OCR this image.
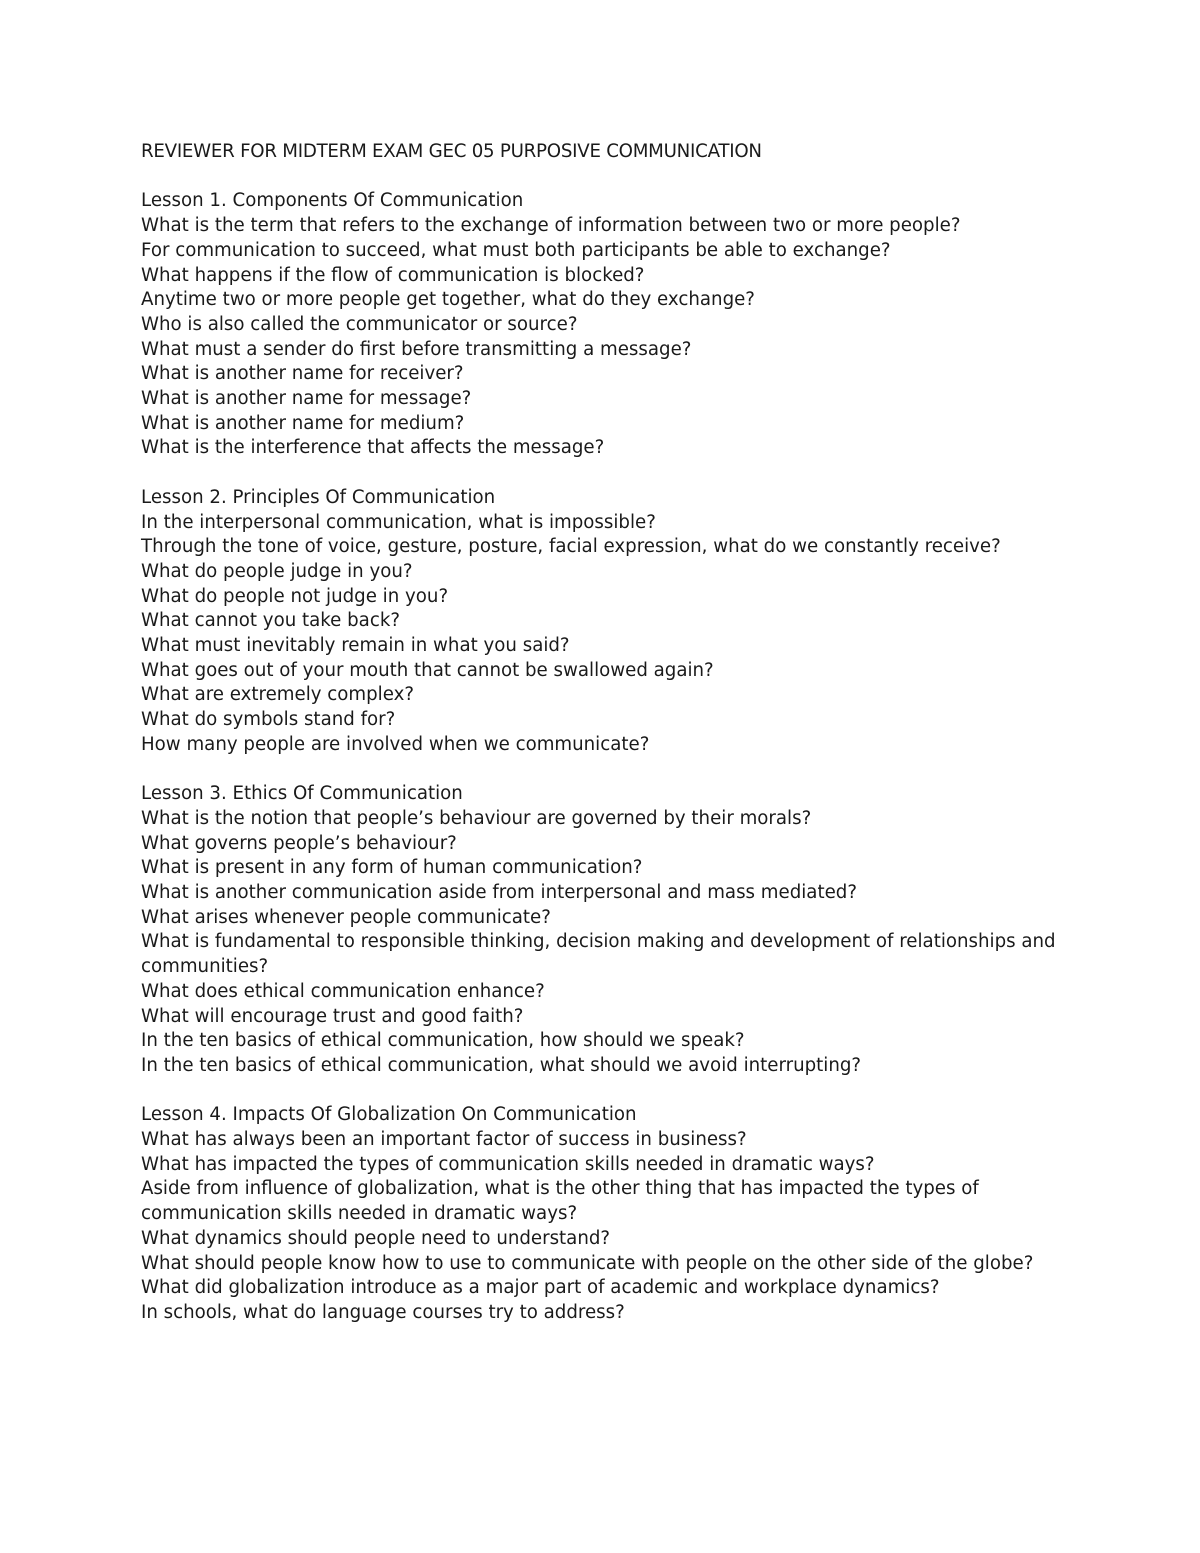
REVIEWER FOR MIDTERM EXAM GEC 05 PURPOSIVE COMMUNICATION
Lesson 1. Components Of Communication

What is the term that refers to the exchange of information between two or more people?

For communication to succeed, what must both participants be able to exchange?

What happens if the flow of communication is blocked?

Anytime two or more people get together, what do they exchange?

Who is also called the communicator or source?

What must a sender do first before transmitting a message?

What is another name for receiver?

What is another name for message?

What is another name for medium?

What is the interference that affects the message?

Lesson 2. Principles Of Communication

In the interpersonal communication, what is impossible?

Through the tone of voice, gesture, posture, facial expression, what do we constantly receive?

What do people judge in you?

What do people not judge in you?

What cannot you take back?

What must inevitably remain in what you said?

What goes out of your mouth that cannot be swallowed again?

What are extremely complex?

What do symbols stand for?

How many people are involved when we communicate?

Lesson 3. Ethics Of Communication

What is the notion that people’s behaviour are governed by their morals?

What governs people’s behaviour?

What is present in any form of human communication?

What is another communication aside from interpersonal and mass mediated?

What arises whenever people communicate?

What is fundamental to responsible thinking, decision making and development of relationships and communities?

What does ethical communication enhance?

What will encourage trust and good faith?

In the ten basics of ethical communication, how should we speak?

In the ten basics of ethical communication, what should we avoid interrupting?

Lesson 4. Impacts Of Globalization On Communication

What has always been an important factor of success in business?

What has impacted the types of communication skills needed in dramatic ways?

Aside from influence of globalization, what is the other thing that has impacted the types of communication skills needed in dramatic ways?

What dynamics should people need to understand?

What should people know how to use to communicate with people on the other side of the globe?

What did globalization introduce as a major part of academic and workplace dynamics?

In schools, what do language courses try to address?
